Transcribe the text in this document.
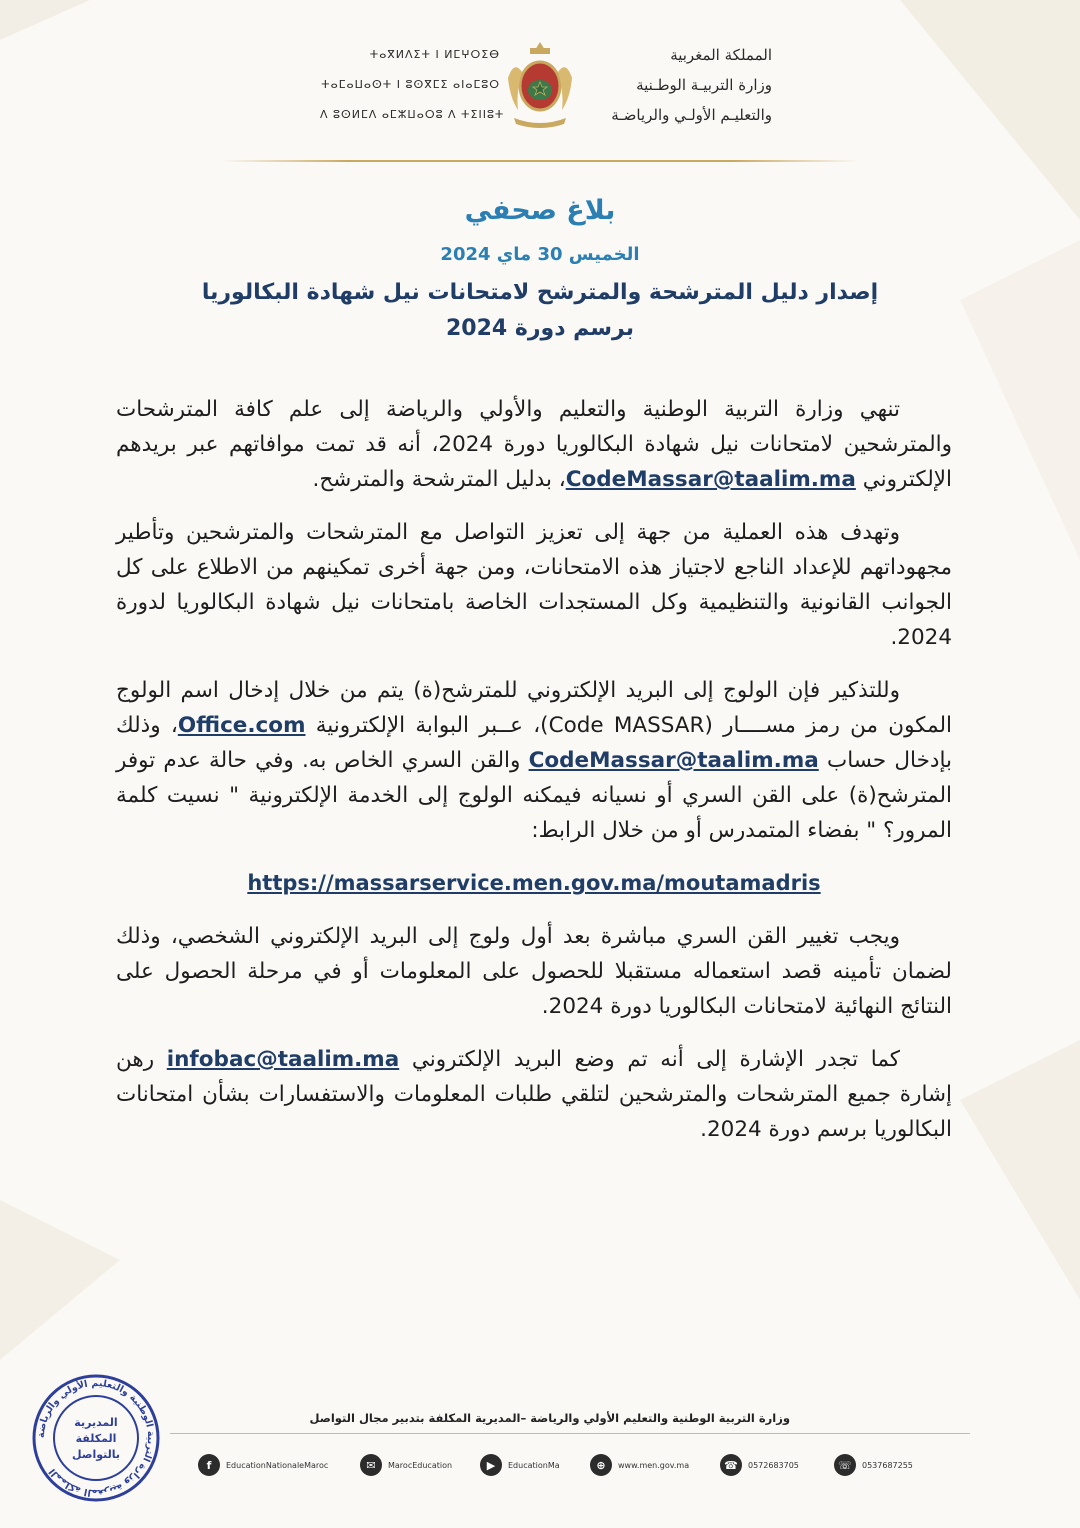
المملكة المغربية
وزارة التربيـة الوطـنية
والتعليـم الأولـي والرياضـة
ⵜⴰⴳⵍⴷⵉⵜ ⵏ ⵍⵎⵖⵔⵉⴱ
ⵜⴰⵎⴰⵡⴰⵙⵜ ⵏ ⵓⵙⴳⵎⵉ ⴰⵏⴰⵎⵓⵔ
ⴷ ⵓⵙⵍⵎⴷ ⴰⵎⵣⵡⴰⵔⵓ ⴷ ⵜⵉⵏⵏⵓⵜ
بلاغ صحفي
الخميس 30 ماي 2024
إصدار دليل المترشحة والمترشح لامتحانات نيل شهادة البكالوريا
برسم دورة 2024

تنهي وزارة التربية الوطنية والتعليم والأولي والرياضة إلى علم كافة المترشحات والمترشحين لامتحانات نيل شهادة البكالوريا دورة 2024، أنه قد تمت موافاتهم عبر بريدهم الإلكتروني CodeMassar@taalim.ma، بدليل المترشحة والمترشح.

وتهدف هذه العملية من جهة إلى تعزيز التواصل مع المترشحات والمترشحين وتأطير مجهوداتهم للإعداد الناجع لاجتياز هذه الامتحانات، ومن جهة أخرى تمكينهم من الاطلاع على كل الجوانب القانونية والتنظيمية وكل المستجدات الخاصة بامتحانات نيل شهادة البكالوريا لدورة 2024.

وللتذكير فإن الولوج إلى البريد الإلكتروني للمترشح(ة) يتم من خلال إدخال اسم الولوج المكون من رمز مســــار (Code MASSAR)، عــبر البوابة الإلكترونية Office.com، وذلك بإدخال حساب CodeMassar@taalim.ma والقن السري الخاص به. وفي حالة عدم توفر المترشح(ة) على القن السري أو نسيانه فيمكنه الولوج إلى الخدمة الإلكترونية " نسيت كلمة المرور؟ " بفضاء المتمدرس أو من خلال الرابط:

https://massarservice.men.gov.ma/moutamadris

ويجب تغيير القن السري مباشرة بعد أول ولوج إلى البريد الإلكتروني الشخصي، وذلك لضمان تأمينه قصد استعماله مستقبلا للحصول على المعلومات أو في مرحلة الحصول على النتائج النهائية لامتحانات البكالوريا دورة 2024.

كما تجدر الإشارة إلى أنه تم وضع البريد الإلكتروني infobac@taalim.ma رهن إشارة جميع المترشحات والمترشحين لتلقي طلبات المعلومات والاستفسارات بشأن امتحانات البكالوريا برسم دورة 2024.

المملكة المغربية وزارة التربية الوطنية والتعليم الأولي والرياضة
المديرية
المكلفة
بالتواصل
وزارة التربية الوطنية والتعليم الأولي والرياضة –المديرية المكلفة بتدبير مجال التواصل
f	EducationNationaleMaroc	✉	MarocEducation	▶	EducationMa	⊕	www.men.gov.ma	☎	0572683705	☏	0537687255
